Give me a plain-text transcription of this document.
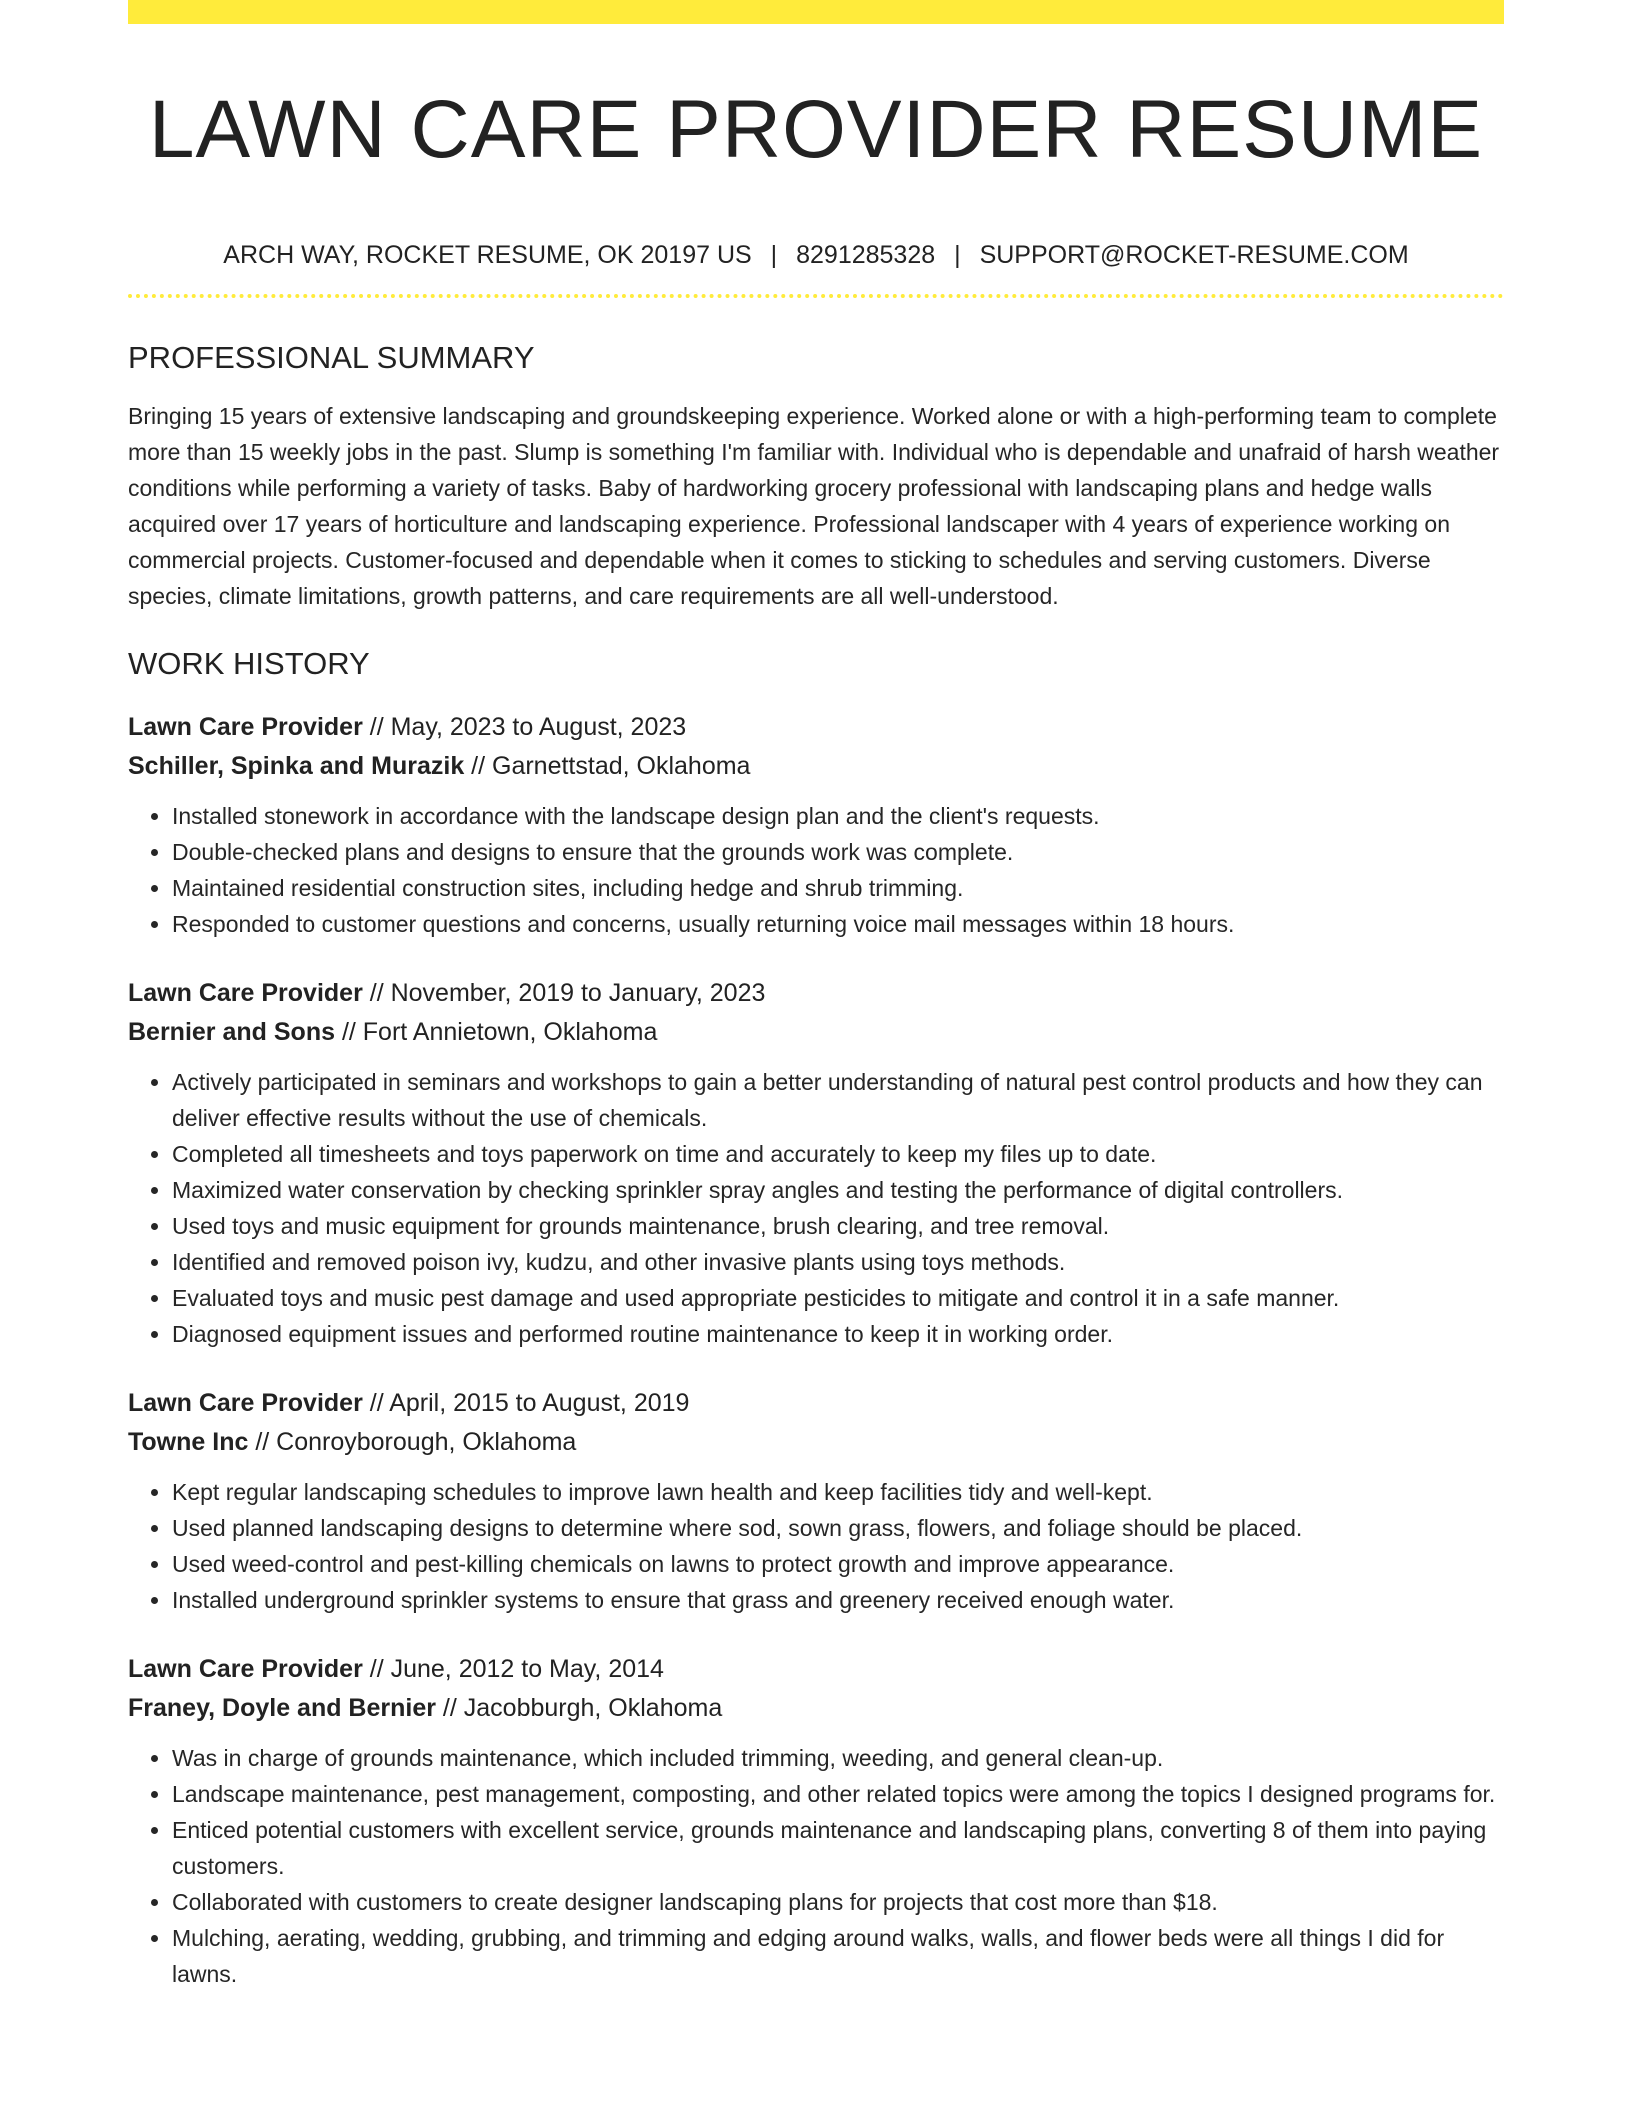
LAWN CARE PROVIDER RESUME
ARCH WAY, ROCKET RESUME, OK 20197 US | 8291285328 | SUPPORT@ROCKET-RESUME.COM
PROFESSIONAL SUMMARY

Bringing 15 years of extensive landscaping and groundskeeping experience. Worked alone or with a high-performing team to complete more than 15 weekly jobs in the past. Slump is something I'm familiar with. Individual who is dependable and unafraid of harsh weather conditions while performing a variety of tasks. Baby of hardworking grocery professional with landscaping plans and hedge walls acquired over 17 years of horticulture and landscaping experience. Professional landscaper with 4 years of experience working on commercial projects. Customer-focused and dependable when it comes to sticking to schedules and serving customers. Diverse species, climate limitations, growth patterns, and care requirements are all well-understood.

WORK HISTORY
Lawn Care Provider // May, 2023 to August, 2023
Schiller, Spinka and Murazik // Garnettstad, Oklahoma
• Installed stonework in accordance with the landscape design plan and the client's requests.
• Double-checked plans and designs to ensure that the grounds work was complete.
• Maintained residential construction sites, including hedge and shrub trimming.
• Responded to customer questions and concerns, usually returning voice mail messages within 18 hours.
Lawn Care Provider // November, 2019 to January, 2023
Bernier and Sons // Fort Annietown, Oklahoma
• Actively participated in seminars and workshops to gain a better understanding of natural pest control products and how they can deliver effective results without the use of chemicals.
• Completed all timesheets and toys paperwork on time and accurately to keep my files up to date.
• Maximized water conservation by checking sprinkler spray angles and testing the performance of digital controllers.
• Used toys and music equipment for grounds maintenance, brush clearing, and tree removal.
• Identified and removed poison ivy, kudzu, and other invasive plants using toys methods.
• Evaluated toys and music pest damage and used appropriate pesticides to mitigate and control it in a safe manner.
• Diagnosed equipment issues and performed routine maintenance to keep it in working order.
Lawn Care Provider // April, 2015 to August, 2019
Towne Inc // Conroyborough, Oklahoma
• Kept regular landscaping schedules to improve lawn health and keep facilities tidy and well-kept.
• Used planned landscaping designs to determine where sod, sown grass, flowers, and foliage should be placed.
• Used weed-control and pest-killing chemicals on lawns to protect growth and improve appearance.
• Installed underground sprinkler systems to ensure that grass and greenery received enough water.
Lawn Care Provider // June, 2012 to May, 2014
Franey, Doyle and Bernier // Jacobburgh, Oklahoma
• Was in charge of grounds maintenance, which included trimming, weeding, and general clean-up.
• Landscape maintenance, pest management, composting, and other related topics were among the topics I designed programs for.
• Enticed potential customers with excellent service, grounds maintenance and landscaping plans, converting 8 of them into paying customers.
• Collaborated with customers to create designer landscaping plans for projects that cost more than $18.
• Mulching, aerating, wedding, grubbing, and trimming and edging around walks, walls, and flower beds were all things I did for lawns.
